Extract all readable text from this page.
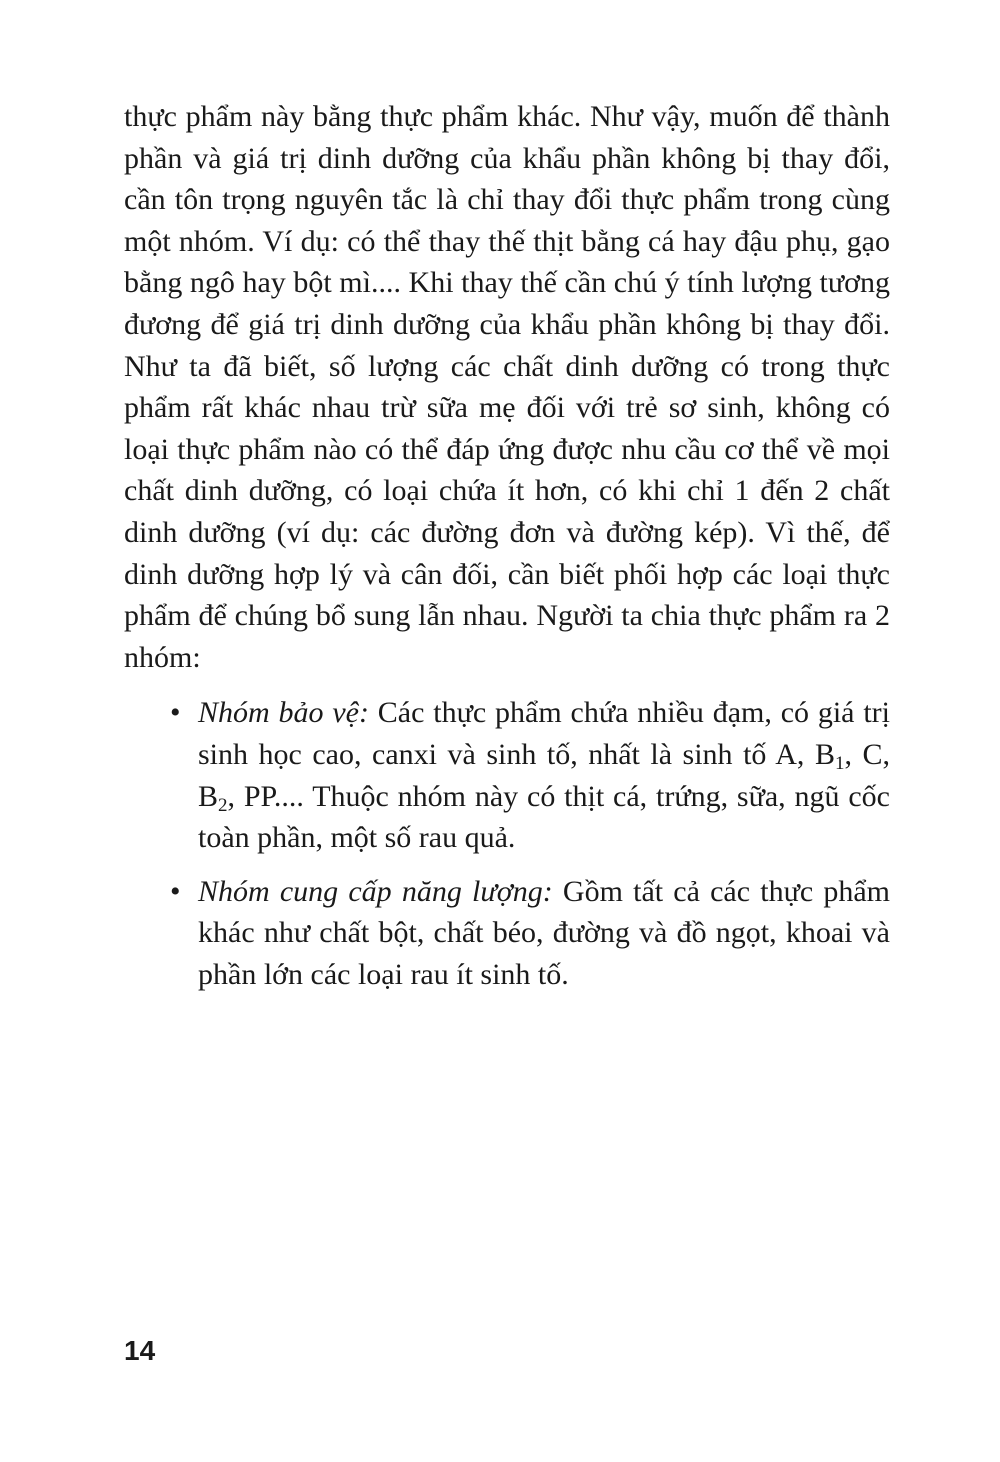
thực phẩm này bằng thực phẩm khác. Như vậy, muốn để thành phần và giá trị dinh dưỡng của khẩu phần không bị thay đổi, cần tôn trọng nguyên tắc là chỉ thay đổi thực phẩm trong cùng một nhóm. Ví dụ: có thể thay thế thịt bằng cá hay đậu phụ, gạo bằng ngô hay bột mì.... Khi thay thế cần chú ý tính lượng tương đương để giá trị dinh dưỡng của khẩu phần không bị thay đổi. Như ta đã biết, số lượng các chất dinh dưỡng có trong thực phẩm rất khác nhau trừ sữa mẹ đối với trẻ sơ sinh, không có loại thực phẩm nào có thể đáp ứng được nhu cầu cơ thể về mọi chất dinh dưỡng, có loại chứa ít hơn, có khi chỉ 1 đến 2 chất dinh dưỡng (ví dụ: các đường đơn và đường kép). Vì thế, để dinh dưỡng hợp lý và cân đối, cần biết phối hợp các loại thực phẩm để chúng bổ sung lẫn nhau. Người ta chia thực phẩm ra 2 nhóm:

• Nhóm bảo vệ: Các thực phẩm chứa nhiều đạm, có giá trị sinh học cao, canxi và sinh tố, nhất là sinh tố A, $B_1$, C, $B_2$, PP.... Thuộc nhóm này có thịt cá, trứng, sữa, ngũ cốc toàn phần, một số rau quả.
• Nhóm cung cấp năng lượng: Gồm tất cả các thực phẩm khác như chất bột, chất béo, đường và đồ ngọt, khoai và phần lớn các loại rau ít sinh tố.
14
